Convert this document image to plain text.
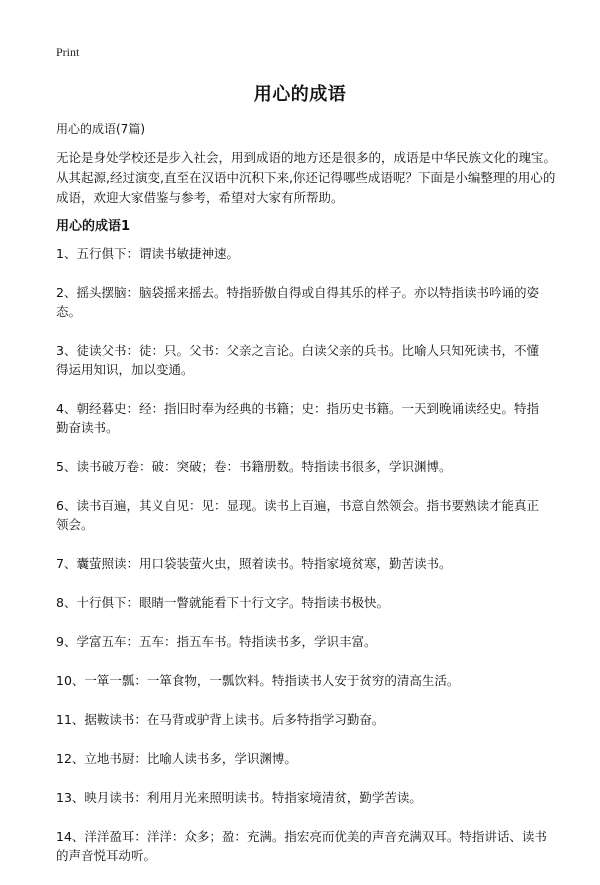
Print
用心的成语

用心的成语(7篇)

无论是身处学校还是步入社会，用到成语的地方还是很多的，成语是中华民族文化的瑰宝。从其起源,经过演变,直至在汉语中沉积下来,你还记得哪些成语呢？下面是小编整理的用心的成语，欢迎大家借鉴与参考，希望对大家有所帮助。

用心的成语1
1、五行俱下：谓读书敏捷神速。
2、摇头摆脑：脑袋摇来摇去。特指骄傲自得或自得其乐的样子。亦以特指读书吟诵的姿态。
3、徒读父书：徒：只。父书：父亲之言论。白读父亲的兵书。比喻人只知死读书，不懂得运用知识，加以变通。
4、朝经暮史：经：指旧时奉为经典的书籍；史：指历史书籍。一天到晚诵读经史。特指勤奋读书。
5、读书破万卷：破：突破；卷：书籍册数。特指读书很多，学识渊博。
6、读书百遍，其义自见：见：显现。读书上百遍，书意自然领会。指书要熟读才能真正领会。
7、囊萤照读：用口袋装萤火虫，照着读书。特指家境贫寒，勤苦读书。
8、十行俱下：眼睛一瞥就能看下十行文字。特指读书极快。
9、学富五车：五车：指五车书。特指读书多，学识丰富。
10、一箪一瓢：一箪食物，一瓢饮料。特指读书人安于贫穷的清高生活。
11、据鞍读书：在马背或驴背上读书。后多特指学习勤奋。
12、立地书厨：比喻人读书多，学识渊博。
13、映月读书：利用月光来照明读书。特指家境清贫，勤学苦读。
14、洋洋盈耳：洋洋：众多；盈：充满。指宏亮而优美的声音充满双耳。特指讲话、读书的声音悦耳动听。
